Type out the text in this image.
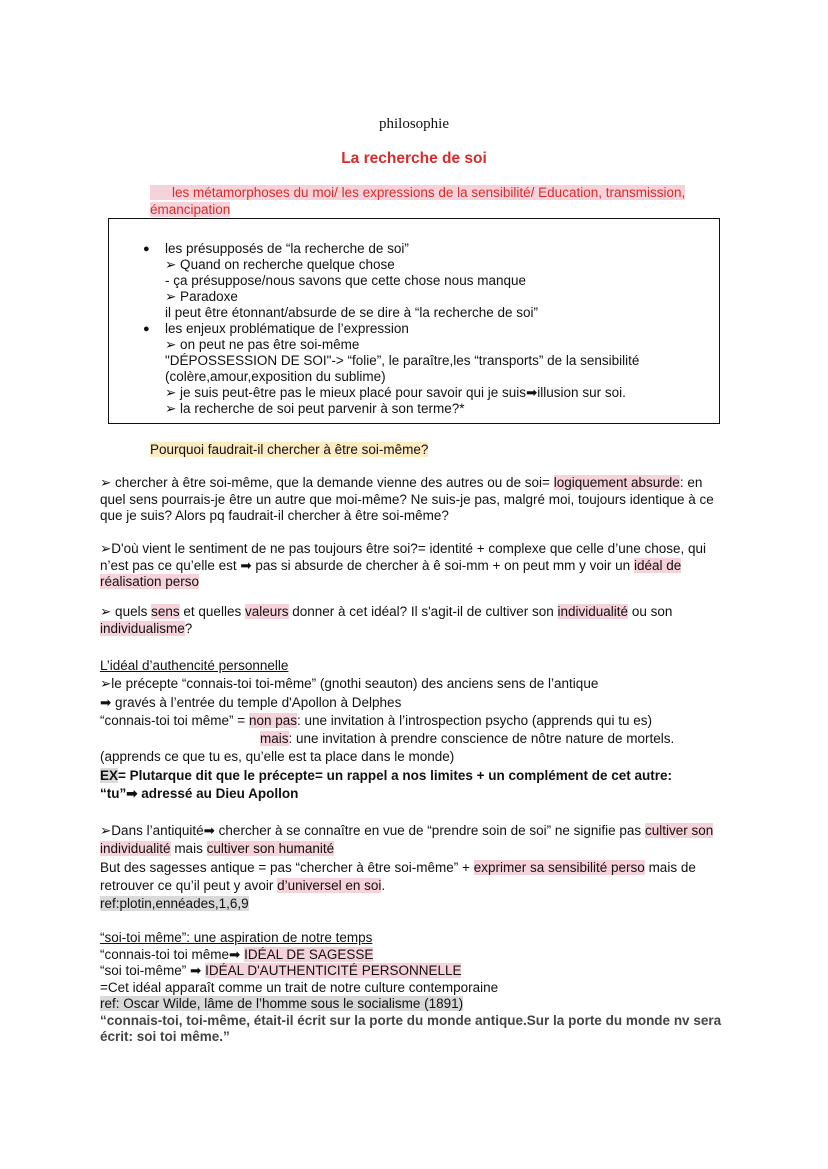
philosophie
La recherche de soi
les métamorphoses du moi/ les expressions de la sensibilité/ Education, transmission, émancipation
● les présupposés de “la recherche de soi”
➢ Quand on recherche quelque chose
- ça présuppose/nous savons que cette chose nous manque
➢ Paradoxe
il peut être étonnant/absurde de se dire à “la recherche de soi”
● les enjeux problématique de l’expression
➢ on peut ne pas être soi-même
"DÉPOSSESSION DE SOI"-> “folie”, le paraître,les “transports” de la sensibilité
(colère,amour,exposition du sublime)
➢ je suis peut-être pas le mieux placé pour savoir qui je suis➡illusion sur soi.
➢ la recherche de soi peut parvenir à son terme?*
Pourquoi faudrait-il chercher à être soi-même?

➢ chercher à être soi-même, que la demande vienne des autres ou de soi= logiquement absurde: en quel sens pourrais-je être un autre que moi-même? Ne suis-je pas, malgré moi, toujours identique à ce que je suis? Alors pq faudrait-il chercher à être soi-même?

➢D'où vient le sentiment de ne pas toujours être soi?= identité + complexe que celle d’une chose, qui n’est pas ce qu’elle est ➡ pas si absurde de chercher à ê soi-mm + on peut mm y voir un idéal de réalisation perso

➢ quels sens et quelles valeurs donner à cet idéal? Il s'agit-il de cultiver son individualité ou son individualisme?

L’idéal d’authencité personnelle

➢le précepte “connais-toi toi-même” (gnothi seauton) des anciens sens de l’antique

➡ gravés à l’entrée du temple d'Apollon à Delphes

“connais-toi toi même” = non pas: une invitation à l’introspection psycho (apprends qui tu es)

mais: une invitation à prendre conscience de nôtre nature de mortels.

(apprends ce que tu es, qu’elle est ta place dans le monde)

EX= Plutarque dit que le précepte= un rappel a nos limites + un complément de cet autre:

“tu”➡ adressé au Dieu Apollon

➢Dans l’antiquité➡ chercher à se connaître en vue de “prendre soin de soi” ne signifie pas cultiver son individualité mais cultiver son humanité

But des sagesses antique = pas “chercher à être soi-même” + exprimer sa sensibilité perso mais de retrouver ce qu’il peut y avoir d’universel en soi.

ref:plotin,ennéades,1,6,9

“soi-toi même”: une aspiration de notre temps

“connais-toi toi même➡ IDÉAL DE SAGESSE

“soi toi-même” ➡ IDÉAL D'AUTHENTICITÉ PERSONNELLE

=Cet idéal apparaît comme un trait de notre culture contemporaine

ref: Oscar Wilde, lâme de l’homme sous le socialisme (1891)

“connais-toi, toi-même, était-il écrit sur la porte du monde antique.Sur la porte du monde nv sera écrit: soi toi même.”
